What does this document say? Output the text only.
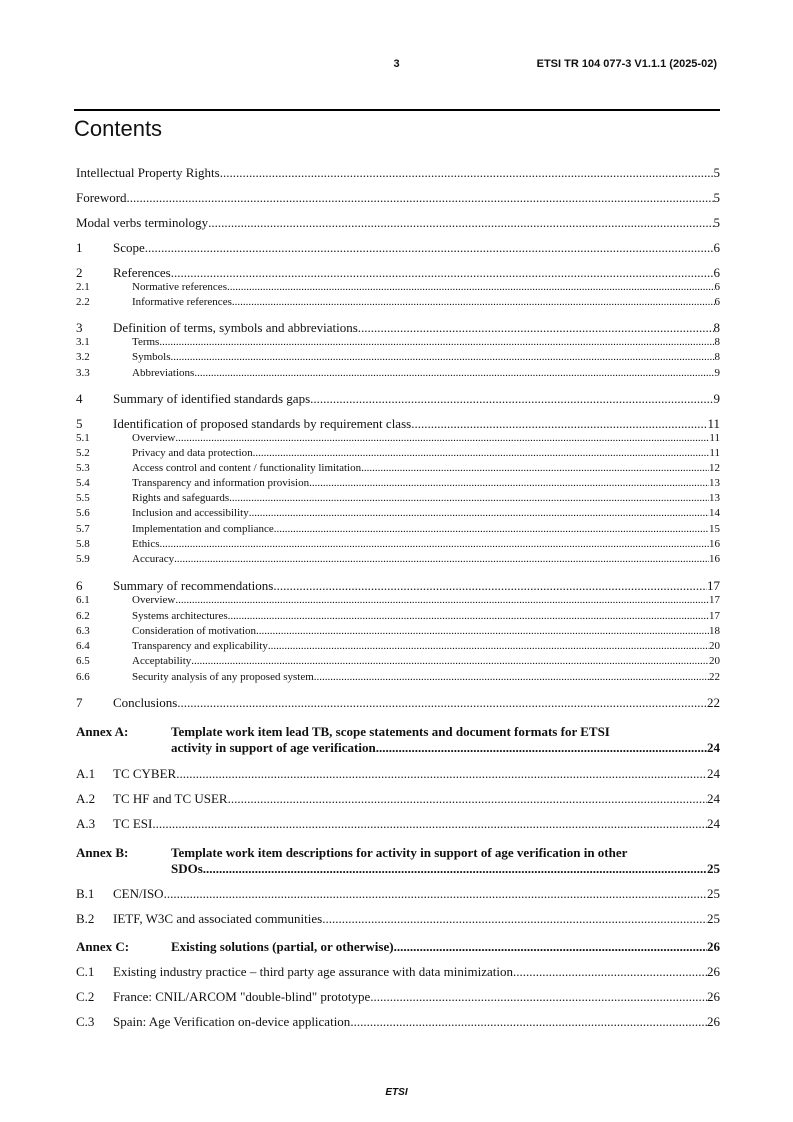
3	ETSI TR 104 077-3 V1.1.1 (2025-02)
Contents
Intellectual Property Rights .....	5
Foreword .....	5
Modal verbs terminology .....	5
1	Scope .....	6
2	References .....	6
2.1	Normative references .....	6
2.2	Informative references .....	6
3	Definition of terms, symbols and abbreviations .....	8
3.1	Terms .....	8
3.2	Symbols .....	8
3.3	Abbreviations .....	9
4	Summary of identified standards gaps .....	9
5	Identification of proposed standards by requirement class .....	11
5.1	Overview .....	11
5.2	Privacy and data protection .....	11
5.3	Access control and content / functionality limitation .....	12
5.4	Transparency and information provision .....	13
5.5	Rights and safeguards .....	13
5.6	Inclusion and accessibility .....	14
5.7	Implementation and compliance .....	15
5.8	Ethics .....	16
5.9	Accuracy .....	16
6	Summary of recommendations .....	17
6.1	Overview .....	17
6.2	Systems architectures .....	17
6.3	Consideration of motivation .....	18
6.4	Transparency and explicability .....	20
6.5	Acceptability .....	20
6.6	Security analysis of any proposed system .....	22
7	Conclusions .....	22
Annex A:	Template work item lead TB, scope statements and document formats for ETSI
activity in support of age verification .....	24
A.1	TC CYBER .....	24
A.2	TC HF and TC USER .....	24
A.3	TC ESI .....	24
Annex B:	Template work item descriptions for activity in support of age verification in other
SDOs .....	25
B.1	CEN/ISO .....	25
B.2	IETF, W3C and associated communities .....	25
Annex C:	Existing solutions (partial, or otherwise) .....	26
C.1	Existing industry practice – third party age assurance with data minimization .....	26
C.2	France: CNIL/ARCOM "double-blind" prototype .....	26
C.3	Spain: Age Verification on-device application .....	26
ETSI
